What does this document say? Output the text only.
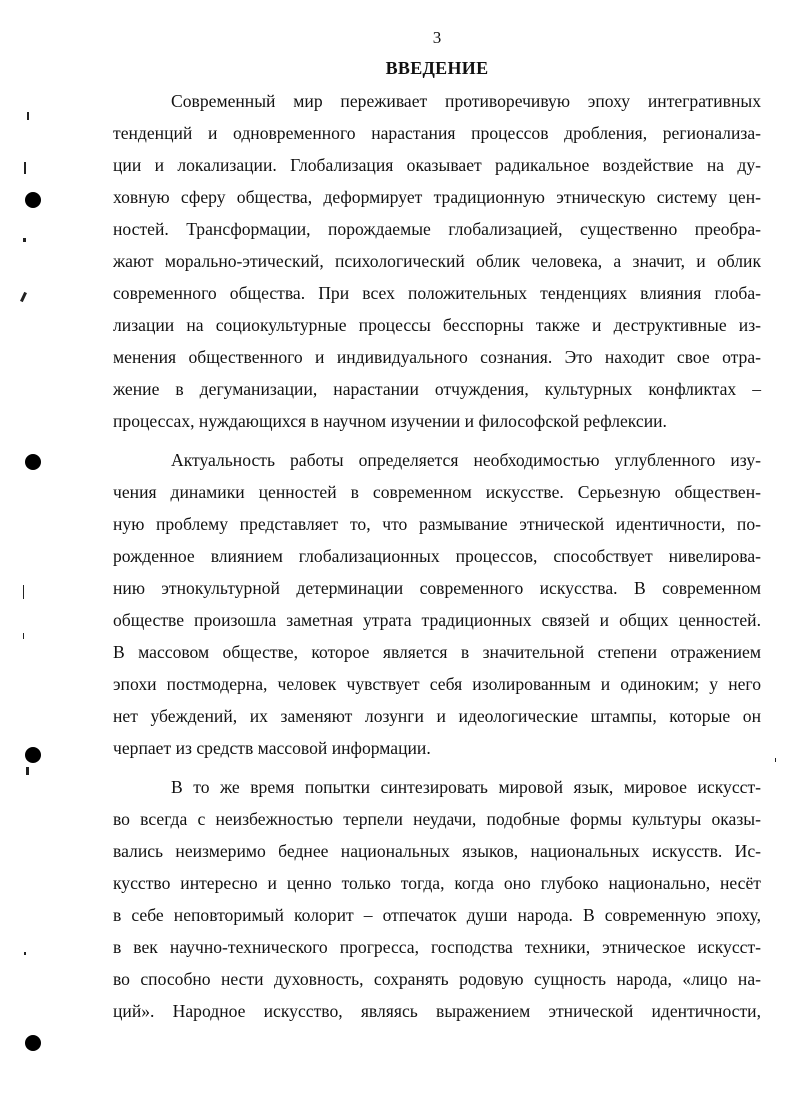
3
ВВЕДЕНИЕ
Современный мир переживает противоречивую эпоху интегративных
тенденций и одновременного нарастания процессов дробления, регионализа-
ции и локализации. Глобализация оказывает радикальное воздействие на ду-
ховную сферу общества, деформирует традиционную этническую систему цен-
ностей. Трансформации, порождаемые глобализацией, существенно преобра-
жают морально-этический, психологический облик человека, а значит, и облик
современного общества. При всех положительных тенденциях влияния глоба-
лизации на социокультурные процессы бесспорны также и деструктивные из-
менения общественного и индивидуального сознания. Это находит свое отра-
жение в дегуманизации, нарастании отчуждения, культурных конфликтах –
процессах, нуждающихся в научном изучении и философской рефлексии.
Актуальность работы определяется необходимостью углубленного изу-
чения динамики ценностей в современном искусстве. Серьезную обществен-
ную проблему представляет то, что размывание этнической идентичности, по-
рожденное влиянием глобализационных процессов, способствует нивелирова-
нию этнокультурной детерминации современного искусства. В современном
обществе произошла заметная утрата традиционных связей и общих ценностей.
В массовом обществе, которое является в значительной степени отражением
эпохи постмодерна, человек чувствует себя изолированным и одиноким; у него
нет убеждений, их заменяют лозунги и идеологические штампы, которые он
черпает из средств массовой информации.
В то же время попытки синтезировать мировой язык, мировое искусст-
во всегда с неизбежностью терпели неудачи, подобные формы культуры оказы-
вались неизмеримо беднее национальных языков, национальных искусств. Ис-
кусство интересно и ценно только тогда, когда оно глубоко национально, несёт
в себе неповторимый колорит – отпечаток души народа. В современную эпоху,
в век научно-технического прогресса, господства техники, этническое искусст-
во способно нести духовность, сохранять родовую сущность народа, «лицо на-
ций». Народное искусство, являясь выражением этнической идентичности,
